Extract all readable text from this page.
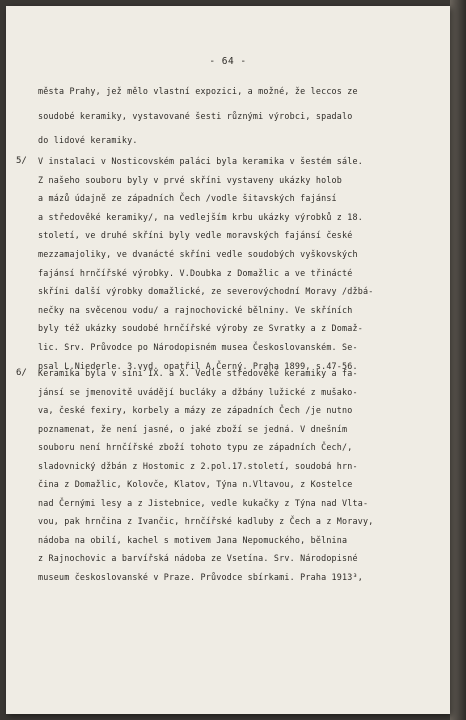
- 64 -
města Prahy, jež mělo vlastní expozici, a možné, že leccos ze
soudobé keramiky, vystavované šesti různými výrobci, spadalo
do lidové keramiky.
5/ V instalaci v Nosticovském paláci byla keramika v šestém sále.
Z našeho souboru byly v prvé skříni vystaveny ukázky holob
a mázů údajně ze západních Čech /vodle šitavských fajánsí
a středověké keramiky/, na vedlejším krbu ukázky výrobků z 18.
století, ve druhé skříni byly vedle moravských fajánsí české
mezzamajoliky, ve dvanácté skříni vedle soudobých vyškovských
fajánsí hrnčířské výrobky. V.Doubka z Domažlic a ve třinácté
skříni další výrobky domažlické, ze severovýchodní Moravy /džbá-
nečky na svěcenou vodu/ a rajnochovické bělniny. Ve skříních
byly též ukázky soudobé hrnčířské výroby ze Svratky a z Domaž-
lic. Srv. Průvodce po Národopisném musea Českoslovanském. Se-
psal L.Niederle. 3.vyd. opatřil A.Černý. Praha 1899, s.47-56.
6/ Keramika byla v síni IX. a X. Vedle středověké keramiky a fa-
jánsí se jmenovitě uvádějí bucláky a džbány lužické z mušako-
va, české fexiry, korbely a mázy ze západních Čech /je nutno
poznamenat, že není jasné, o jaké zboží se jedná. V dnešním
souboru není hrnčířské zboží tohoto typu ze západních Čech/,
sladovnický džbán z Hostomic z 2.pol.17.století, soudobá hrn-
čina z Domažlic, Kolovče, Klatov, Týna n.Vltavou, z Kostelce
nad Černými lesy a z Jistebnice, vedle kukačky z Týna nad Vlta-
vou, pak hrnčina z Ivančic, hrnčířské kadluby z Čech a z Moravy,
nádoba na obilí, kachel s motivem Jana Nepomuckého, bělnina
z Rajnochovic a barvířská nádoba ze Vsetína. Srv. Národopisné
museum českoslovanské v Praze. Průvodce sbírkami. Praha 1913³,
